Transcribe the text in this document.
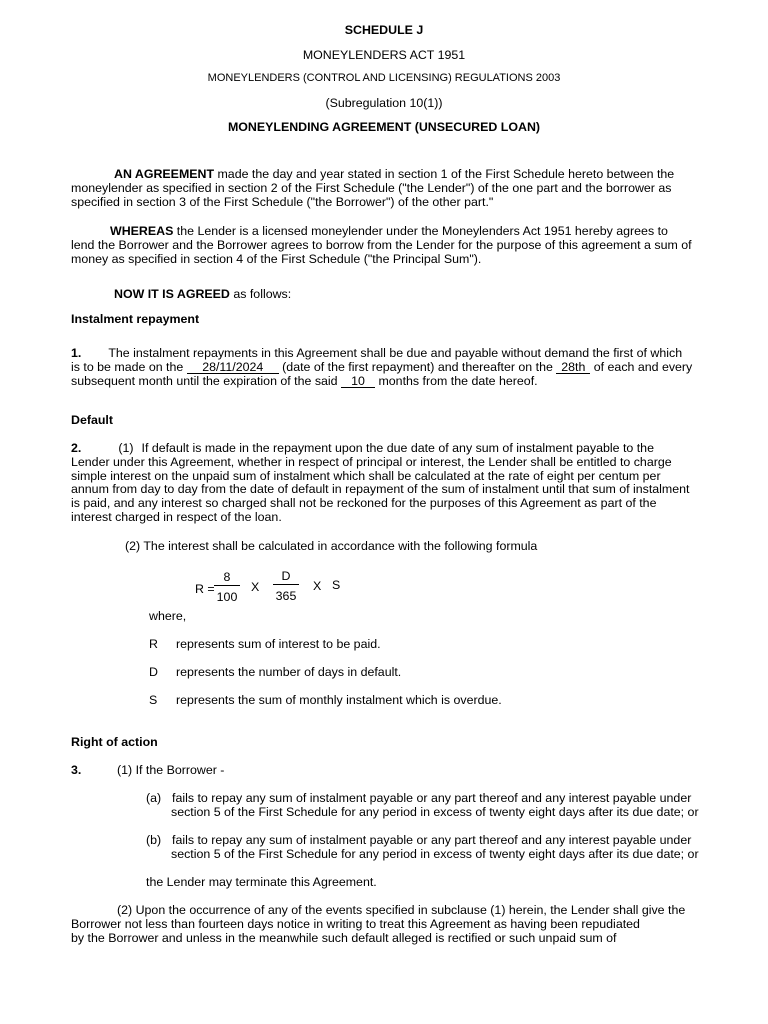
SCHEDULE J
MONEYLENDERS ACT 1951
MONEYLENDERS (CONTROL AND LICENSING) REGULATIONS 2003
(Subregulation 10(1))
MONEYLENDING AGREEMENT (UNSECURED LOAN)
AN AGREEMENT made the day and year stated in section 1 of the First Schedule hereto between the
moneylender as specified in section 2 of the First Schedule ("the Lender") of the one part and the borrower as
specified in section 3 of the First Schedule ("the Borrower") of the other part."
WHEREAS the Lender is a licensed moneylender under the Moneylenders Act 1951 hereby agrees to
lend the Borrower and the Borrower agrees to borrow from the Lender for the purpose of this agreement a sum of
money as specified in section 4 of the First Schedule ("the Principal Sum").
NOW IT IS AGREED as follows:
Instalment repayment
1. The instalment repayments in this Agreement shall be due and payable without demand the first of which
is to be made on the 28/11/2024 (date of the first repayment) and thereafter on the 28th of each and every
subsequent month until the expiration of the said 10 months from the date hereof.
Default
2.	(1) If default is made in the repayment upon the due date of any sum of instalment payable to the
Lender under this Agreement, whether in respect of principal or interest, the Lender shall be entitled to charge
simple interest on the unpaid sum of instalment which shall be calculated at the rate of eight per centum per
annum from day to day from the date of default in repayment of the sum of instalment until that sum of instalment
is paid, and any interest so charged shall not be reckoned for the purposes of this Agreement as part of the
interest charged in respect of the loan.
(2) The interest shall be calculated in accordance with the following formula
$R = \frac{8}{100}$ X $\frac{D}{365}$ X S
where,
R represents sum of interest to be paid.
D represents the number of days in default.
S represents the sum of monthly instalment which is overdue.
Right of action
3.	(1) If the Borrower -
(a) fails to repay any sum of instalment payable or any part thereof and any interest payable under
section 5 of the First Schedule for any period in excess of twenty eight days after its due date; or
(b) fails to repay any sum of instalment payable or any part thereof and any interest payable under
section 5 of the First Schedule for any period in excess of twenty eight days after its due date; or
the Lender may terminate this Agreement.
(2) Upon the occurrence of any of the events specified in subclause (1) herein, the Lender shall give the
Borrower not less than fourteen days notice in writing to treat this Agreement as having been repudiated
by the Borrower and unless in the meanwhile such default alleged is rectified or such unpaid sum of
